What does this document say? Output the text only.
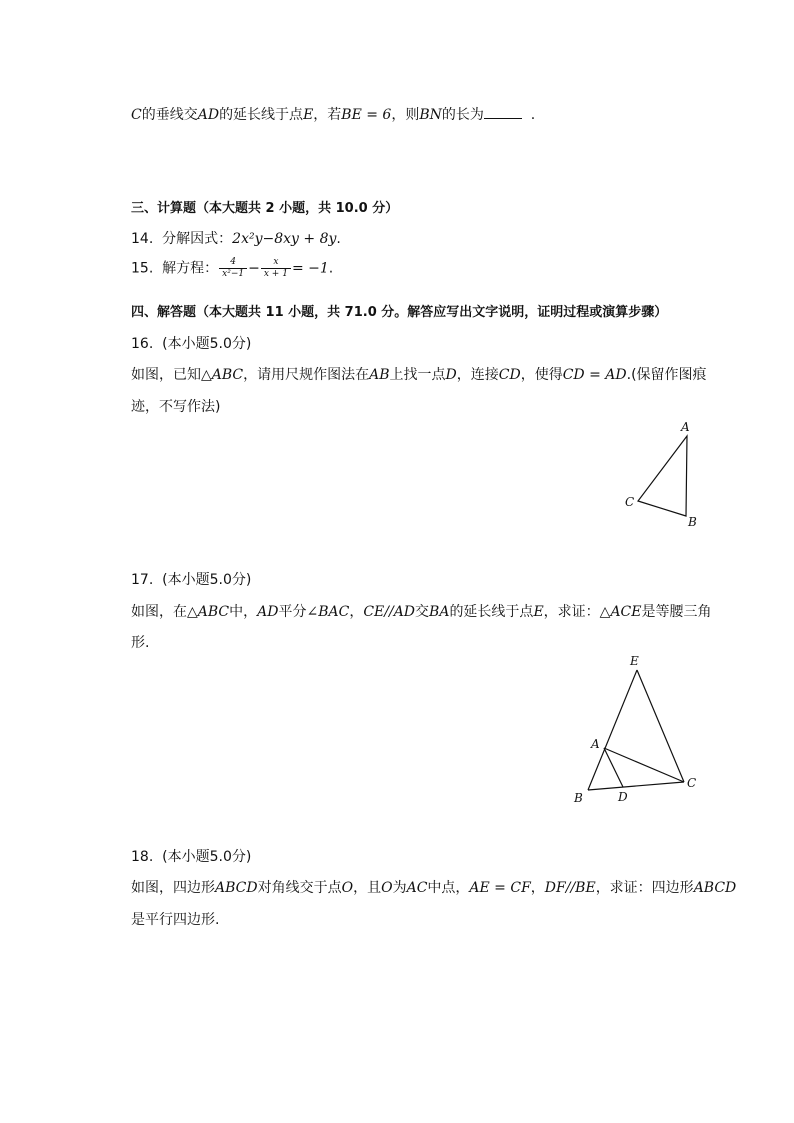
C的垂线交AD的延长线于点E，若BE = 6，则BN的长为	.
三、计算题（本大题共 2 小题，共 10.0 分）
14. 分解因式：2x²y−8xy + 8y.
15. 解方程： $\frac{4}{\text{x²−1}} - \frac{x}{x + 1} = -1$.
四、解答题（本大题共 11 小题，共 71.0 分。解答应写出文字说明，证明过程或演算步骤）
16. (本小题5.0分)
如图，已知△ABC，请用尺规作图法在AB上找一点D，连接CD，使得CD = AD.(保留作图痕
迹，不写作法)
A
C
B
17. (本小题5.0分)
如图，在△ABC中，AD平分∠BAC，CE//AD交BA的延长线于点E，求证：△ACE是等腰三角
形.
E
A
C
B	D
18. (本小题5.0分)
如图，四边形ABCD对角线交于点O，且O为AC中点，AE = CF，DF//BE，求证：四边形ABCD
是平行四边形.
